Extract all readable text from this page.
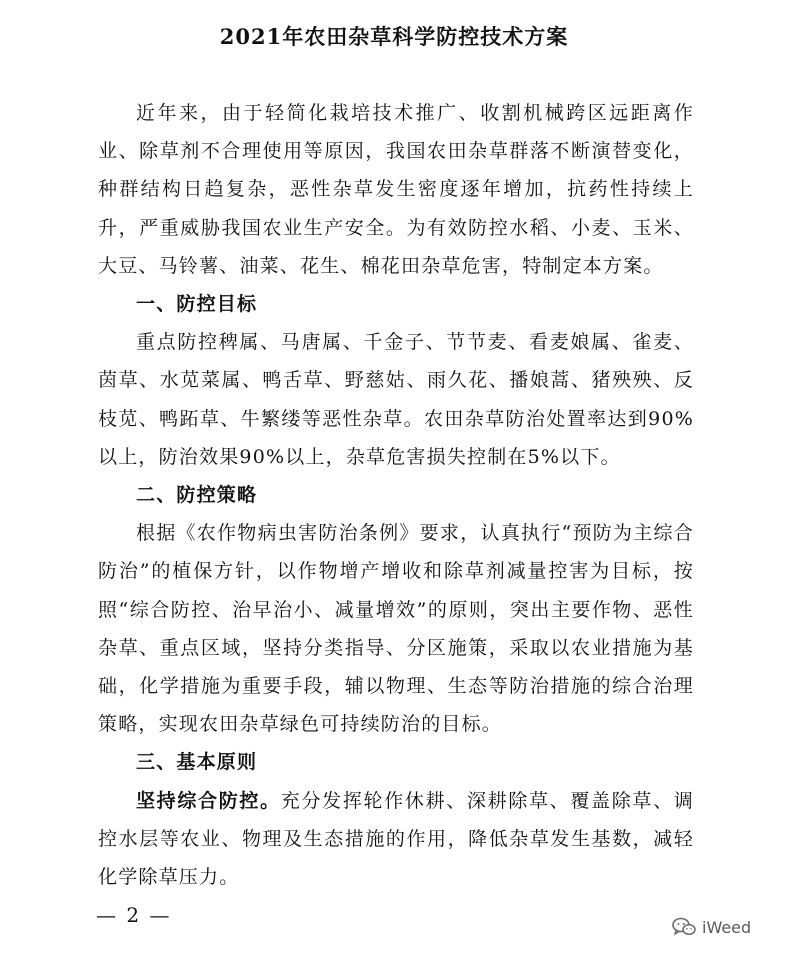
2021年农田杂草科学防控技术方案

近年来，由于轻简化栽培技术推广、收割机械跨区远距离作业、除草剂不合理使用等原因，我国农田杂草群落不断演替变化，种群结构日趋复杂，恶性杂草发生密度逐年增加，抗药性持续上升，严重威胁我国农业生产安全。为有效防控水稻、小麦、玉米、大豆、马铃薯、油菜、花生、棉花田杂草危害，特制定本方案。

一、防控目标

重点防控稗属、马唐属、千金子、节节麦、看麦娘属、雀麦、茵草、水苋菜属、鸭舌草、野慈姑、雨久花、播娘蒿、猪殃殃、反枝苋、鸭跖草、牛繁缕等恶性杂草。农田杂草防治处置率达到90%以上，防治效果90%以上，杂草危害损失控制在5%以下。

二、防控策略

根据《农作物病虫害防治条例》要求，认真执行“预防为主综合防治”的植保方针，以作物增产增收和除草剂减量控害为目标，按照“综合防控、治早治小、减量增效”的原则，突出主要作物、恶性杂草、重点区域，坚持分类指导、分区施策，采取以农业措施为基础，化学措施为重要手段，辅以物理、生态等防治措施的综合治理策略，实现农田杂草绿色可持续防治的目标。

三、基本原则

坚持综合防控。充分发挥轮作休耕、深耕除草、覆盖除草、调控水层等农业、物理及生态措施的作用，降低杂草发生基数，减轻化学除草压力。

— 2 —	iWeed
